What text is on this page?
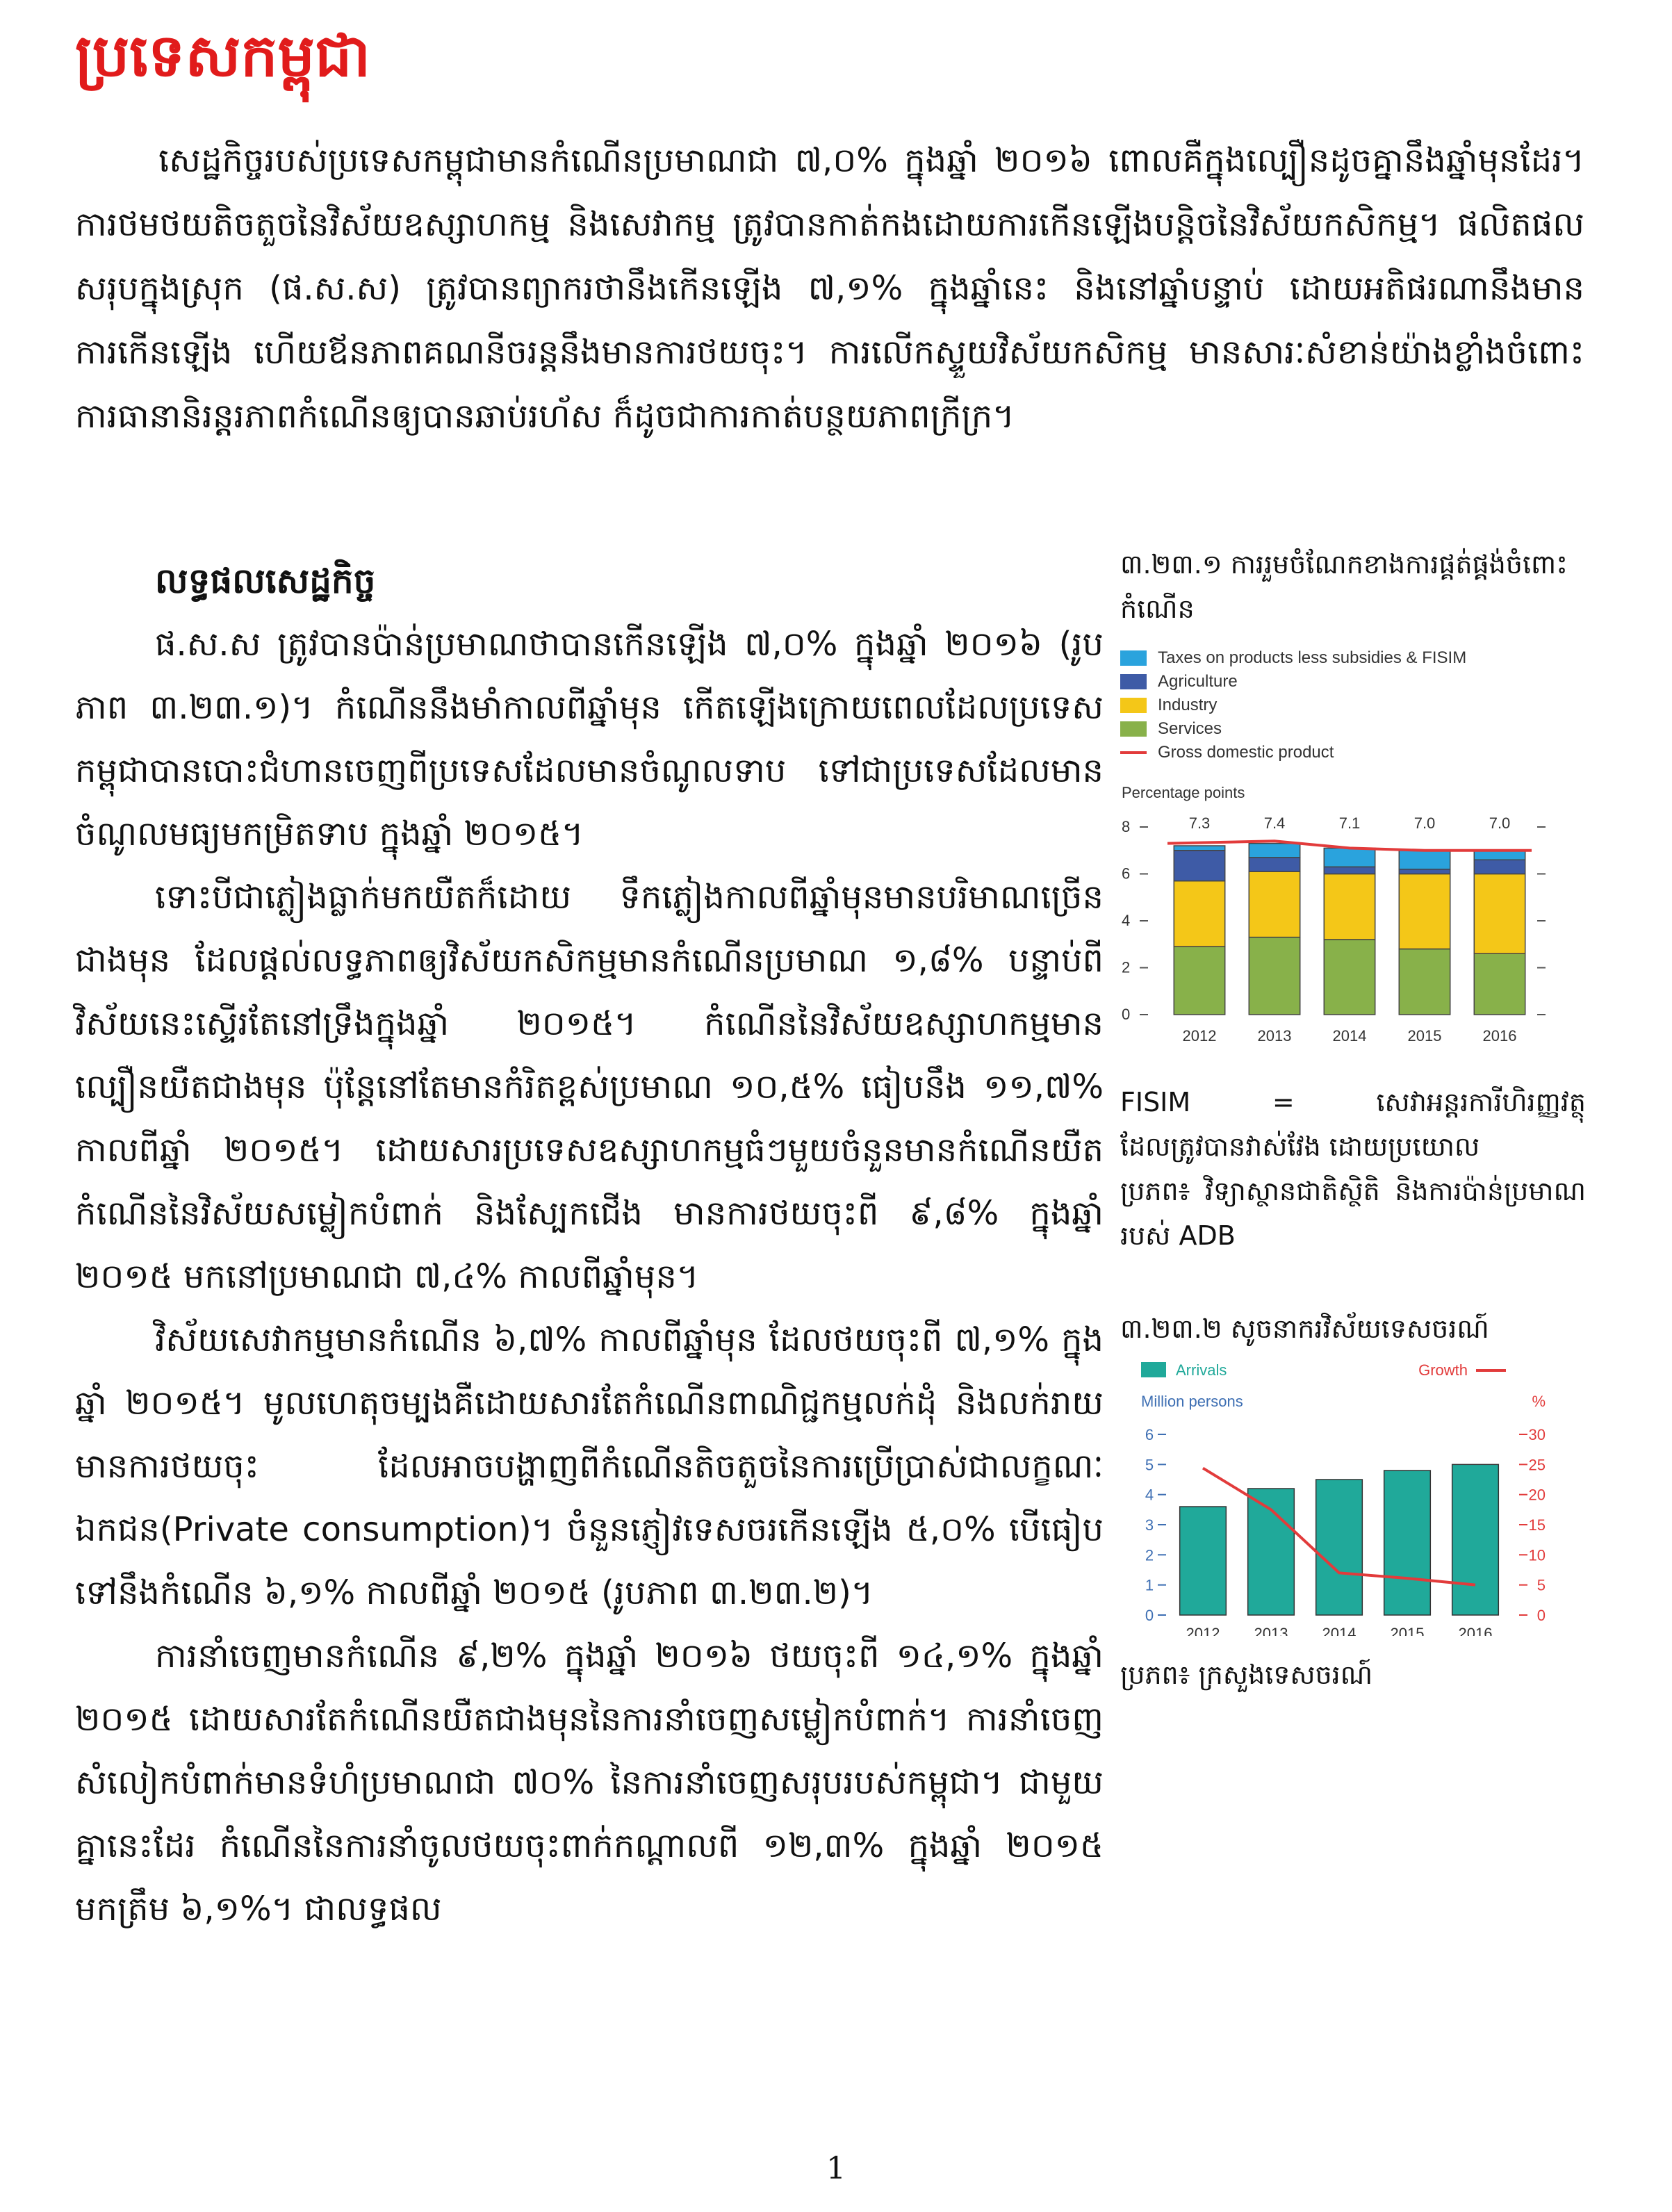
ប្រទេសកម្ពុជា

សេដ្ឋកិច្ចរបស់ប្រទេសកម្ពុជាមានកំណើនប្រមាណជា ៧,០% ក្នុងឆ្នាំ ២០១៦ ពោលគឺក្នុងល្បឿនដូចគ្នានឹងឆ្នាំមុនដែរ។ ការថមថយតិចតួចនៃវិស័យឧស្សាហកម្ម និងសេវាកម្ម ត្រូវបានកាត់កងដោយការកើនឡើងបន្តិចនៃវិស័យកសិកម្ម។ ផលិតផលសរុបក្នុងស្រុក (ផ.ស.ស) ត្រូវបានព្យាករថានឹងកើនឡើង ៧,១% ក្នុងឆ្នាំនេះ និងនៅឆ្នាំបន្ទាប់ ដោយអតិផរណានឹងមានការកើនឡើង ហើយឪនភាពគណនីចរន្តនឹងមានការថយចុះ។ ការលើកស្ទួយវិស័យកសិកម្ម មានសារៈសំខាន់យ៉ាងខ្លាំងចំពោះការធានានិរន្តរភាពកំណើនឲ្យបានឆាប់រហ័ស ក៏ដូចជាការកាត់បន្ថយភាពក្រីក្រ។

លទ្ធផលសេដ្ឋកិច្ច

ផ.ស.ស ត្រូវបានប៉ាន់ប្រមាណថាបានកើនឡើង ៧,០% ក្នុងឆ្នាំ ២០១៦ (រូបភាព ៣.២៣.១)។ កំណើននឹងមាំកាលពីឆ្នាំមុន កើតឡើងក្រោយពេលដែលប្រទេសកម្ពុជាបានបោះជំហានចេញពីប្រទេសដែលមានចំណូលទាប ទៅជាប្រទេសដែលមានចំណូលមធ្យមកម្រិតទាប ក្នុងឆ្នាំ ២០១៥។

ទោះបីជាភ្លៀងធ្លាក់មកយឺតក៏ដោយ ទឹកភ្លៀងកាលពីឆ្នាំមុនមានបរិមាណច្រើនជាងមុន ដែលផ្តល់លទ្ធភាពឲ្យវិស័យកសិកម្មមានកំណើនប្រមាណ ១,៨% បន្ទាប់ពីវិស័យនេះស្ទើរតែនៅទ្រឹងក្នុងឆ្នាំ ២០១៥។ កំណើននៃវិស័យឧស្សាហកម្មមានល្បឿនយឺតជាងមុន ប៉ុន្តែនៅតែមានកំរិតខ្ពស់ប្រមាណ ១០,៥% ធៀបនឹង ១១,៧% កាលពីឆ្នាំ ២០១៥។ ដោយសារប្រទេសឧស្សាហកម្មធំៗមួយចំនួនមានកំណើនយឺត កំណើននៃវិស័យសម្លៀកបំពាក់ និងស្បែកជើង មានការថយចុះពី ៩,៨% ក្នុងឆ្នាំ ២០១៥ មកនៅប្រមាណជា ៧,៤% កាលពីឆ្នាំមុន។

វិស័យសេវាកម្មមានកំណើន ៦,៧% កាលពីឆ្នាំមុន ដែលថយចុះពី ៧,១% ក្នុងឆ្នាំ ២០១៥។ មូលហេតុចម្បងគឺដោយសារតែកំណើនពាណិជ្ជកម្មលក់ដុំ និងលក់រាយមានការថយចុះ ដែលអាចបង្ហាញពីកំណើនតិចតួចនៃការប្រើប្រាស់ជាលក្ខណៈឯកជន(Private consumption)។ ចំនួនភ្ញៀវទេសចរកើនឡើង ៥,០% បើធៀបទៅនឹងកំណើន ៦,១% កាលពីឆ្នាំ ២០១៥ (រូបភាព ៣.២៣.២)។

ការនាំចេញមានកំណើន ៩,២% ក្នុងឆ្នាំ ២០១៦ ថយចុះពី ១៤,១% ក្នុងឆ្នាំ ២០១៥ ដោយសារតែកំណើនយឺតជាងមុននៃការនាំចេញសម្លៀកបំពាក់។ ការនាំចេញសំលៀកបំពាក់មានទំហំប្រមាណជា ៧០% នៃការនាំចេញសរុបរបស់កម្ពុជា។ ជាមួយគ្នានេះដែរ កំណើននៃការនាំចូលថយចុះពាក់កណ្តាលពី ១២,៣% ក្នុងឆ្នាំ ២០១៥ មកត្រឹម ៦,១%។ ជាលទ្ធផល

៣.២៣.១ ការរួមចំណែកខាងការផ្គត់ផ្គង់ចំពោះកំណើន

Taxes on products less subsidies & FISIM
Agriculture
Industry
Services
Gross domestic product
Percentage points
0
2
4
6
8
2012
7.3
2013
7.4
2014
7.1
2015
7.0
2016
7.0
FISIM	=	សេវាអន្តរការីហិរញ្ញវត្ថុ
ដែលត្រូវបានវាស់វែង ដោយប្រយោល
ប្រភព៖ វិទ្យាស្ថានជាតិស្ថិតិ និងការប៉ាន់ប្រមាណរបស់ ADB

៣.២៣.២ សូចនាករវិស័យទេសចរណ៍

Arrivals	Growth
Million persons	%
0
1
2
3
4
5
6
0
5
10
15
20
25
30
2012 2013 2014 2015 2016

ប្រភព៖ ក្រសួងទេសចរណ៍

1
